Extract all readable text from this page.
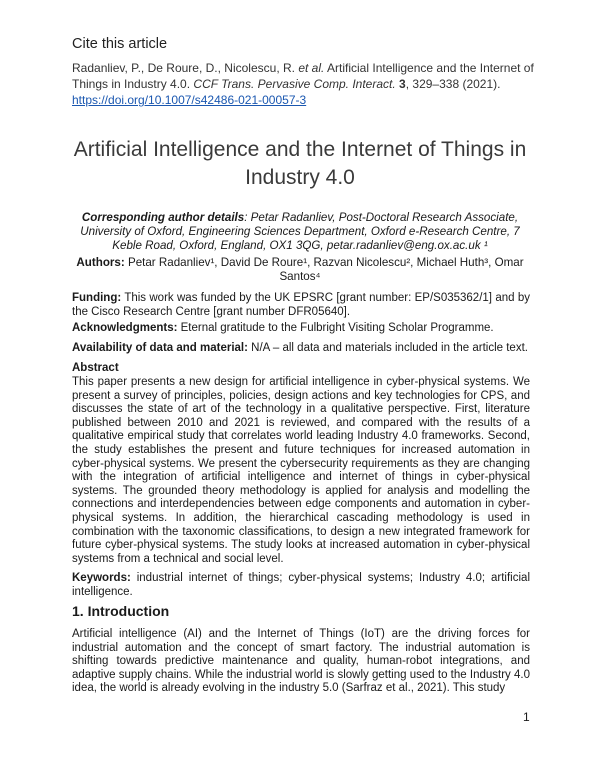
Cite this article
Radanliev, P., De Roure, D., Nicolescu, R. et al. Artificial Intelligence and the Internet of Things in Industry 4.0. CCF Trans. Pervasive Comp. Interact. 3, 329–338 (2021).
https://doi.org/10.1007/s42486-021-00057-3
Artificial Intelligence and the Internet of Things in Industry 4.0
Corresponding author details: Petar Radanliev, Post-Doctoral Research Associate, University of Oxford, Engineering Sciences Department, Oxford e-Research Centre, 7 Keble Road, Oxford, England, OX1 3QG, petar.radanliev@eng.ox.ac.uk ¹
Authors: Petar Radanliev¹, David De Roure¹, Razvan Nicolescu², Michael Huth³, Omar Santos⁴
Funding: This work was funded by the UK EPSRC [grant number: EP/S035362/1] and by the Cisco Research Centre [grant number DFR05640].
Acknowledgments: Eternal gratitude to the Fulbright Visiting Scholar Programme.
Availability of data and material: N/A – all data and materials included in the article text.
Abstract
This paper presents a new design for artificial intelligence in cyber-physical systems. We present a survey of principles, policies, design actions and key technologies for CPS, and discusses the state of art of the technology in a qualitative perspective. First, literature published between 2010 and 2021 is reviewed, and compared with the results of a qualitative empirical study that correlates world leading Industry 4.0 frameworks. Second, the study establishes the present and future techniques for increased automation in cyber-physical systems. We present the cybersecurity requirements as they are changing with the integration of artificial intelligence and internet of things in cyber-physical systems. The grounded theory methodology is applied for analysis and modelling the connections and interdependencies between edge components and automation in cyber-physical systems. In addition, the hierarchical cascading methodology is used in combination with the taxonomic classifications, to design a new integrated framework for future cyber-physical systems. The study looks at increased automation in cyber-physical systems from a technical and social level.
Keywords: industrial internet of things; cyber-physical systems; Industry 4.0; artificial intelligence.
1. Introduction
Artificial intelligence (AI) and the Internet of Things (IoT) are the driving forces for industrial automation and the concept of smart factory. The industrial automation is shifting towards predictive maintenance and quality, human-robot integrations, and adaptive supply chains. While the industrial world is slowly getting used to the Industry 4.0 idea, the world is already evolving in the industry 5.0 (Sarfraz et al., 2021). This study
1
